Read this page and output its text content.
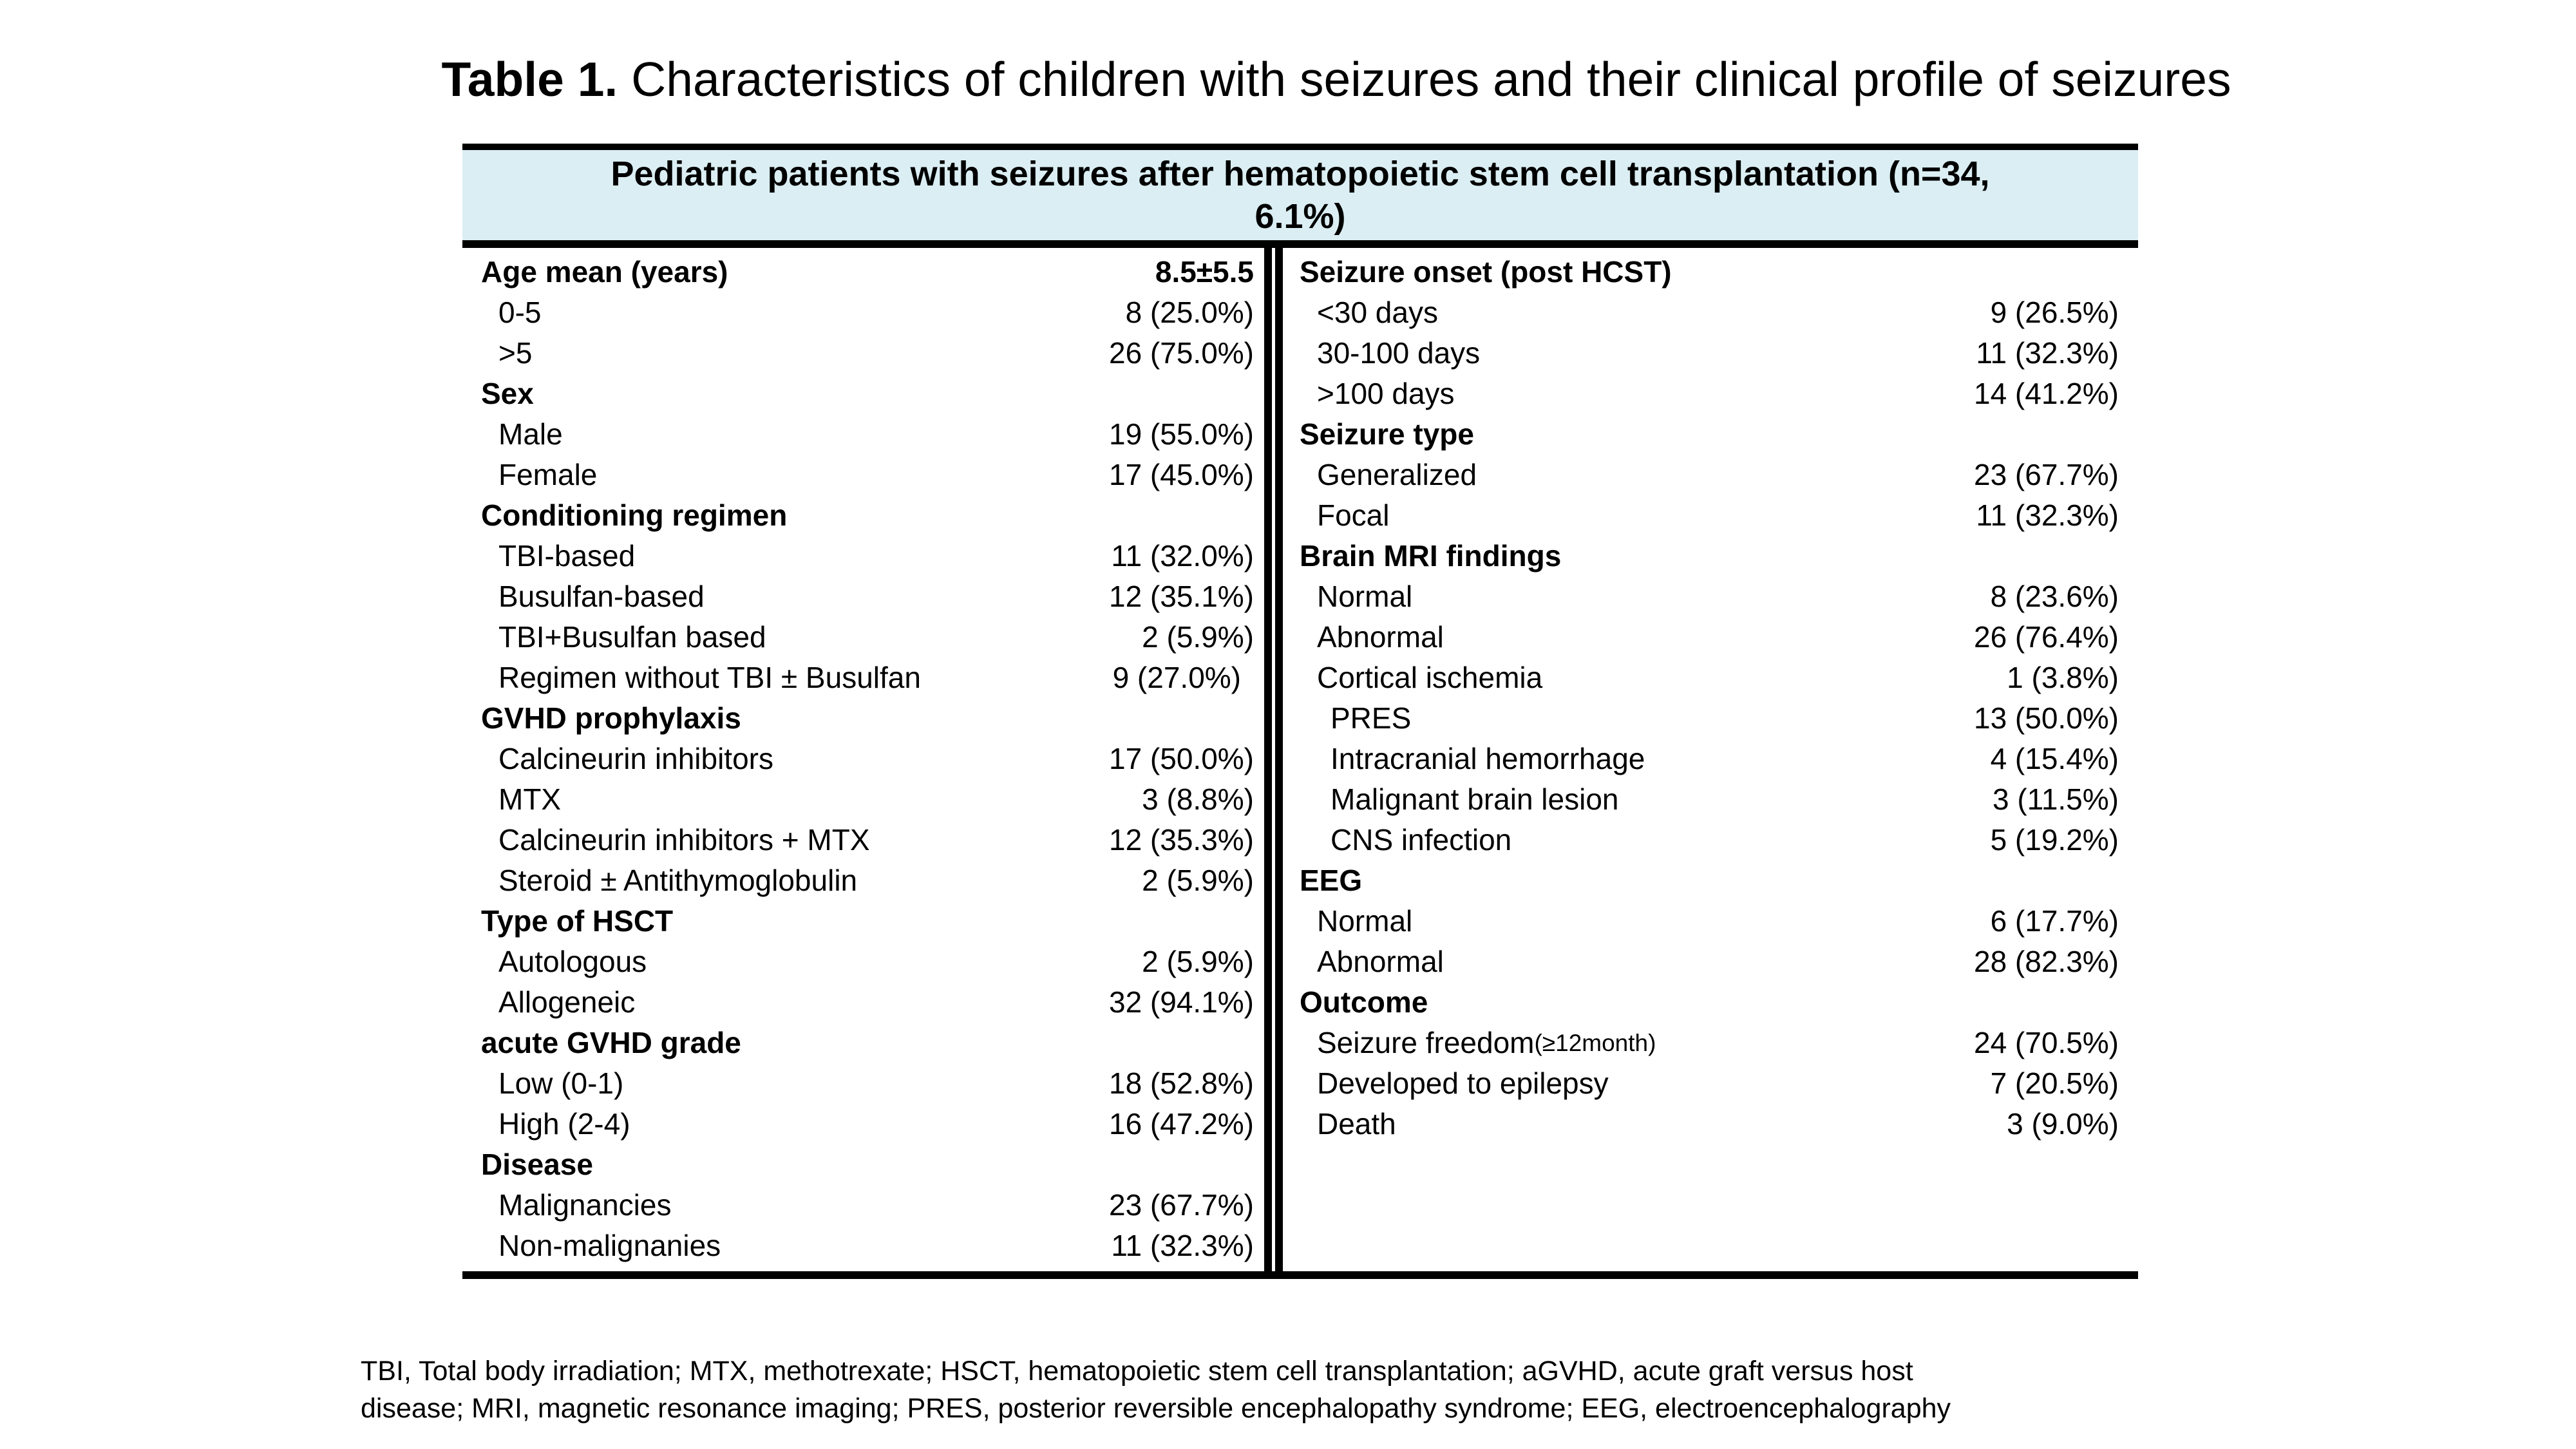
Table 1. Characteristics of children with seizures and their clinical profile of seizures
Pediatric patients with seizures after hematopoietic stem cell transplantation (n=34,
6.1%)
Age mean (years)	8.5±5.5
0-5	8 (25.0%)
>5	26 (75.0%)
Sex
Male	19 (55.0%)
Female	17 (45.0%)
Conditioning regimen
TBI-based	11 (32.0%)
Busulfan-based	12 (35.1%)
TBI+Busulfan based	2 (5.9%)
Regimen without TBI ± Busulfan	9 (27.0%)
GVHD prophylaxis
Calcineurin inhibitors	17 (50.0%)
MTX	3 (8.8%)
Calcineurin inhibitors + MTX	12 (35.3%)
Steroid ± Antithymoglobulin	2 (5.9%)
Type of HSCT
Autologous	2 (5.9%)
Allogeneic	32 (94.1%)
acute GVHD grade
Low (0-1)	18 (52.8%)
High (2-4)	16 (47.2%)
Disease
Malignancies	23 (67.7%)
Non-malignanies	11 (32.3%)
Seizure onset (post HCST)
<30 days	9 (26.5%)
30-100 days	11 (32.3%)
>100 days	14 (41.2%)
Seizure type
Generalized	23 (67.7%)
Focal	11 (32.3%)
Brain MRI findings
Normal	8 (23.6%)
Abnormal	26 (76.4%)
Cortical ischemia	1 (3.8%)
PRES	13 (50.0%)
Intracranial hemorrhage	4 (15.4%)
Malignant brain lesion	3 (11.5%)
CNS infection	5 (19.2%)
EEG
Normal	6 (17.7%)
Abnormal	28 (82.3%)
Outcome
Seizure freedom (≥12month)	24 (70.5%)
Developed to epilepsy	7 (20.5%)
Death	3 (9.0%)
TBI, Total body irradiation; MTX, methotrexate; HSCT, hematopoietic stem cell transplantation; aGVHD, acute graft versus host
disease; MRI, magnetic resonance imaging; PRES, posterior reversible encephalopathy syndrome; EEG, electroencephalography
